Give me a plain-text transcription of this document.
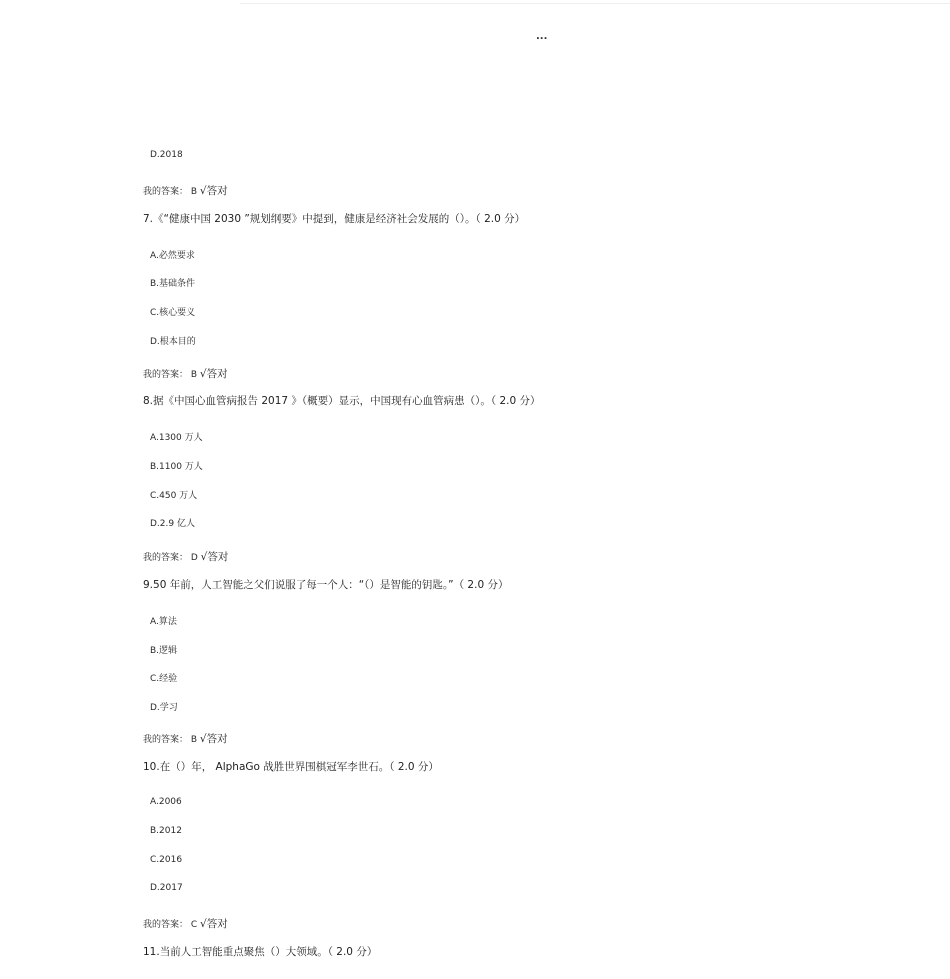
...
D.2018
我的答案： B √答对
7.《“健康中国 2030 ”规划纲要》中提到，健康是经济社会发展的（）。（ 2.0 分）
A.必然要求
B.基础条件
C.核心要义
D.根本目的
我的答案： B √答对
8.据《中国心血管病报告 2017 》（概要）显示，中国现有心血管病患（）。（ 2.0 分）
A.1300 万人
B.1100 万人
C.450 万人
D.2.9 亿人
我的答案： D √答对
9.50 年前，人工智能之父们说服了每一个人：“（）是智能的钥匙。”（ 2.0 分）
A.算法
B.逻辑
C.经验
D.学习
我的答案： B √答对
10.在（）年， AlphaGo 战胜世界围棋冠军李世石。（ 2.0 分）
A.2006
B.2012
C.2016
D.2017
我的答案： C √答对
11.当前人工智能重点聚焦（）大领域。（ 2.0 分）
